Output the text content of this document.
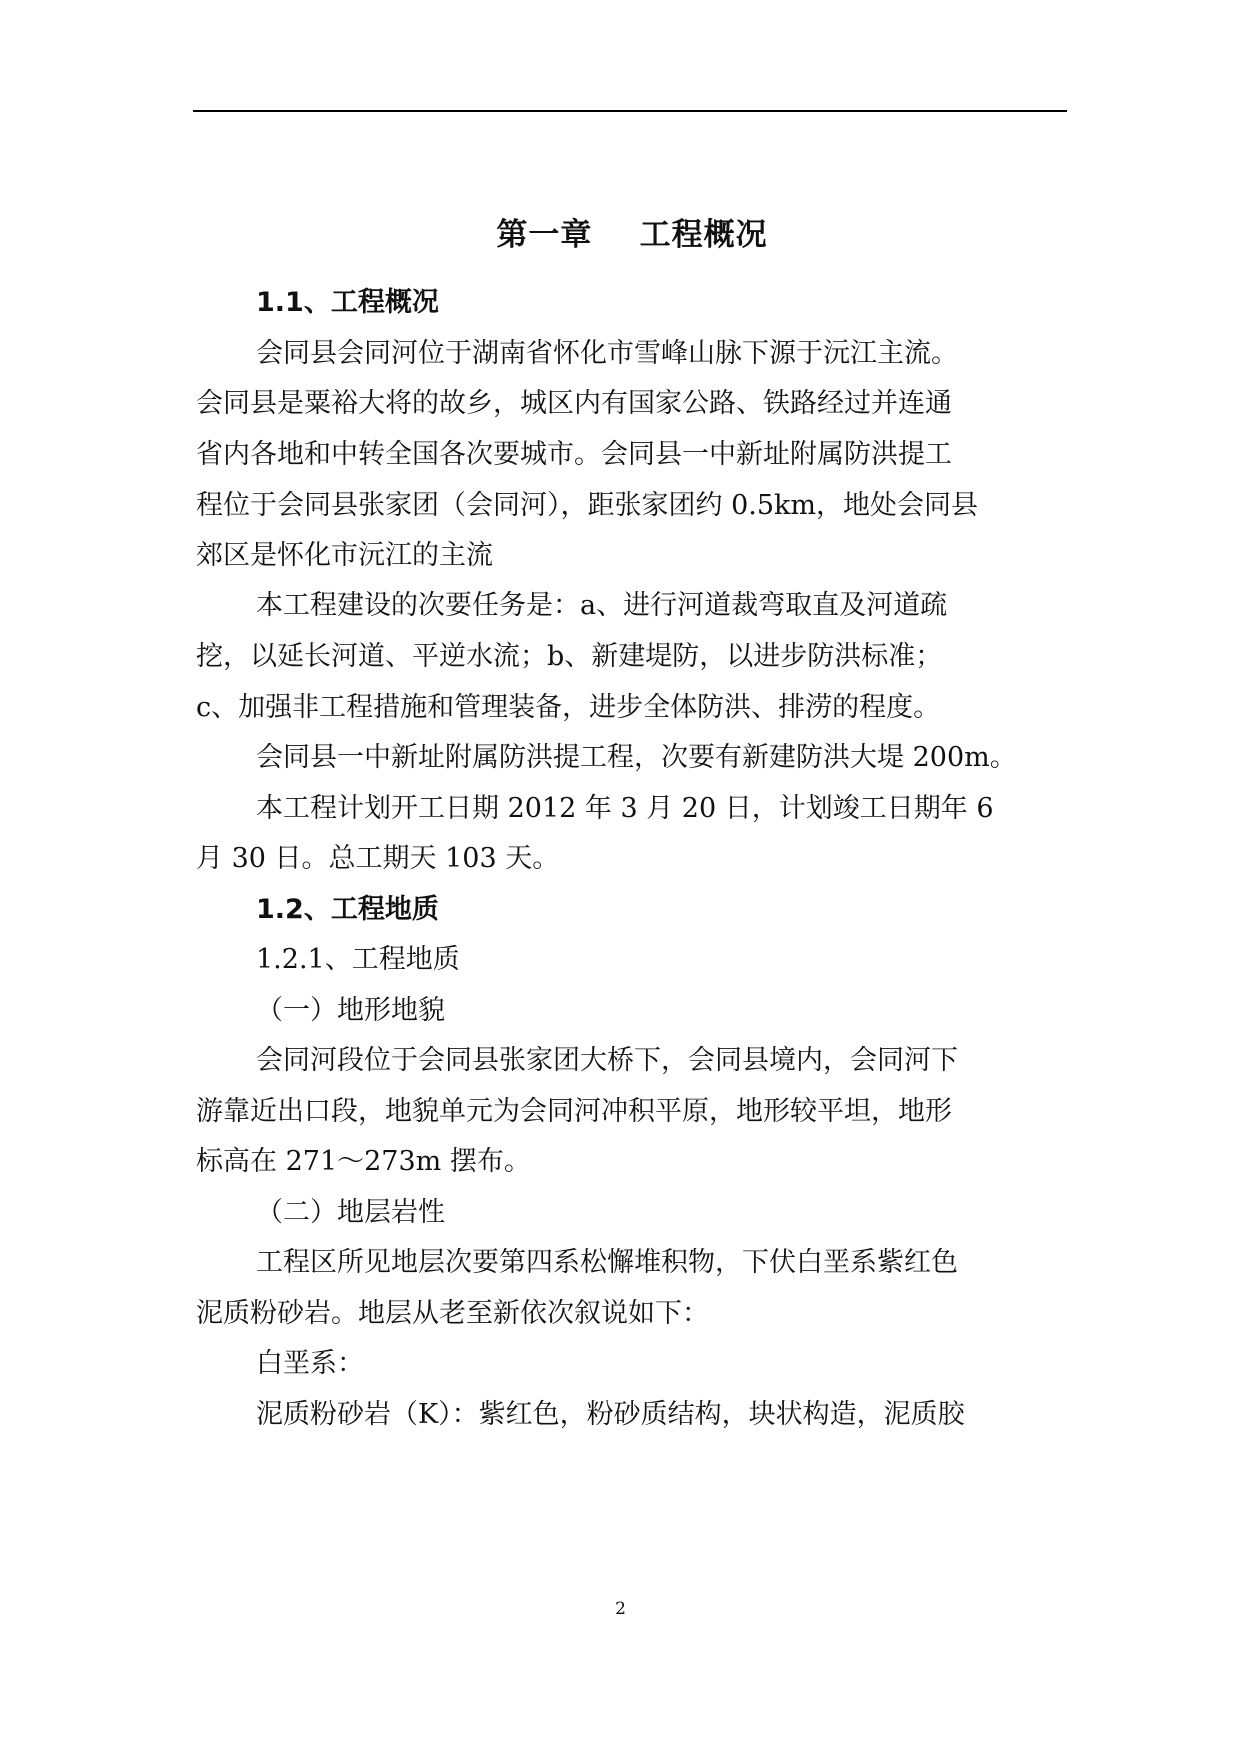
第一章    工程概况
1.1、工程概况
会同县会同河位于湖南省怀化市雪峰山脉下源于沅江主流。
会同县是粟裕大将的故乡，城区内有国家公路、铁路经过并连通
省内各地和中转全国各次要城市。会同县一中新址附属防洪提工
程位于会同县张家团（会同河），距张家团约 0.5km，地处会同县
郊区是怀化市沅江的主流
本工程建设的次要任务是：a、进行河道裁弯取直及河道疏
挖，以延长河道、平逆水流；b、新建堤防，以进步防洪标准；
c、加强非工程措施和管理装备，进步全体防洪、排涝的程度。
会同县一中新址附属防洪提工程，次要有新建防洪大堤 200m。
本工程计划开工日期 2012 年 3 月 20 日，计划竣工日期年 6
月 30 日。总工期天 103 天。
1.2、工程地质
1.2.1、工程地质
（一）地形地貌
会同河段位于会同县张家团大桥下，会同县境内，会同河下
游靠近出口段，地貌单元为会同河冲积平原，地形较平坦，地形
标高在 271～273m 摆布。
（二）地层岩性
工程区所见地层次要第四系松懈堆积物，下伏白垩系紫红色
泥质粉砂岩。地层从老至新依次叙说如下：
白垩系：
泥质粉砂岩（K）：紫红色，粉砂质结构，块状构造，泥质胶
2
